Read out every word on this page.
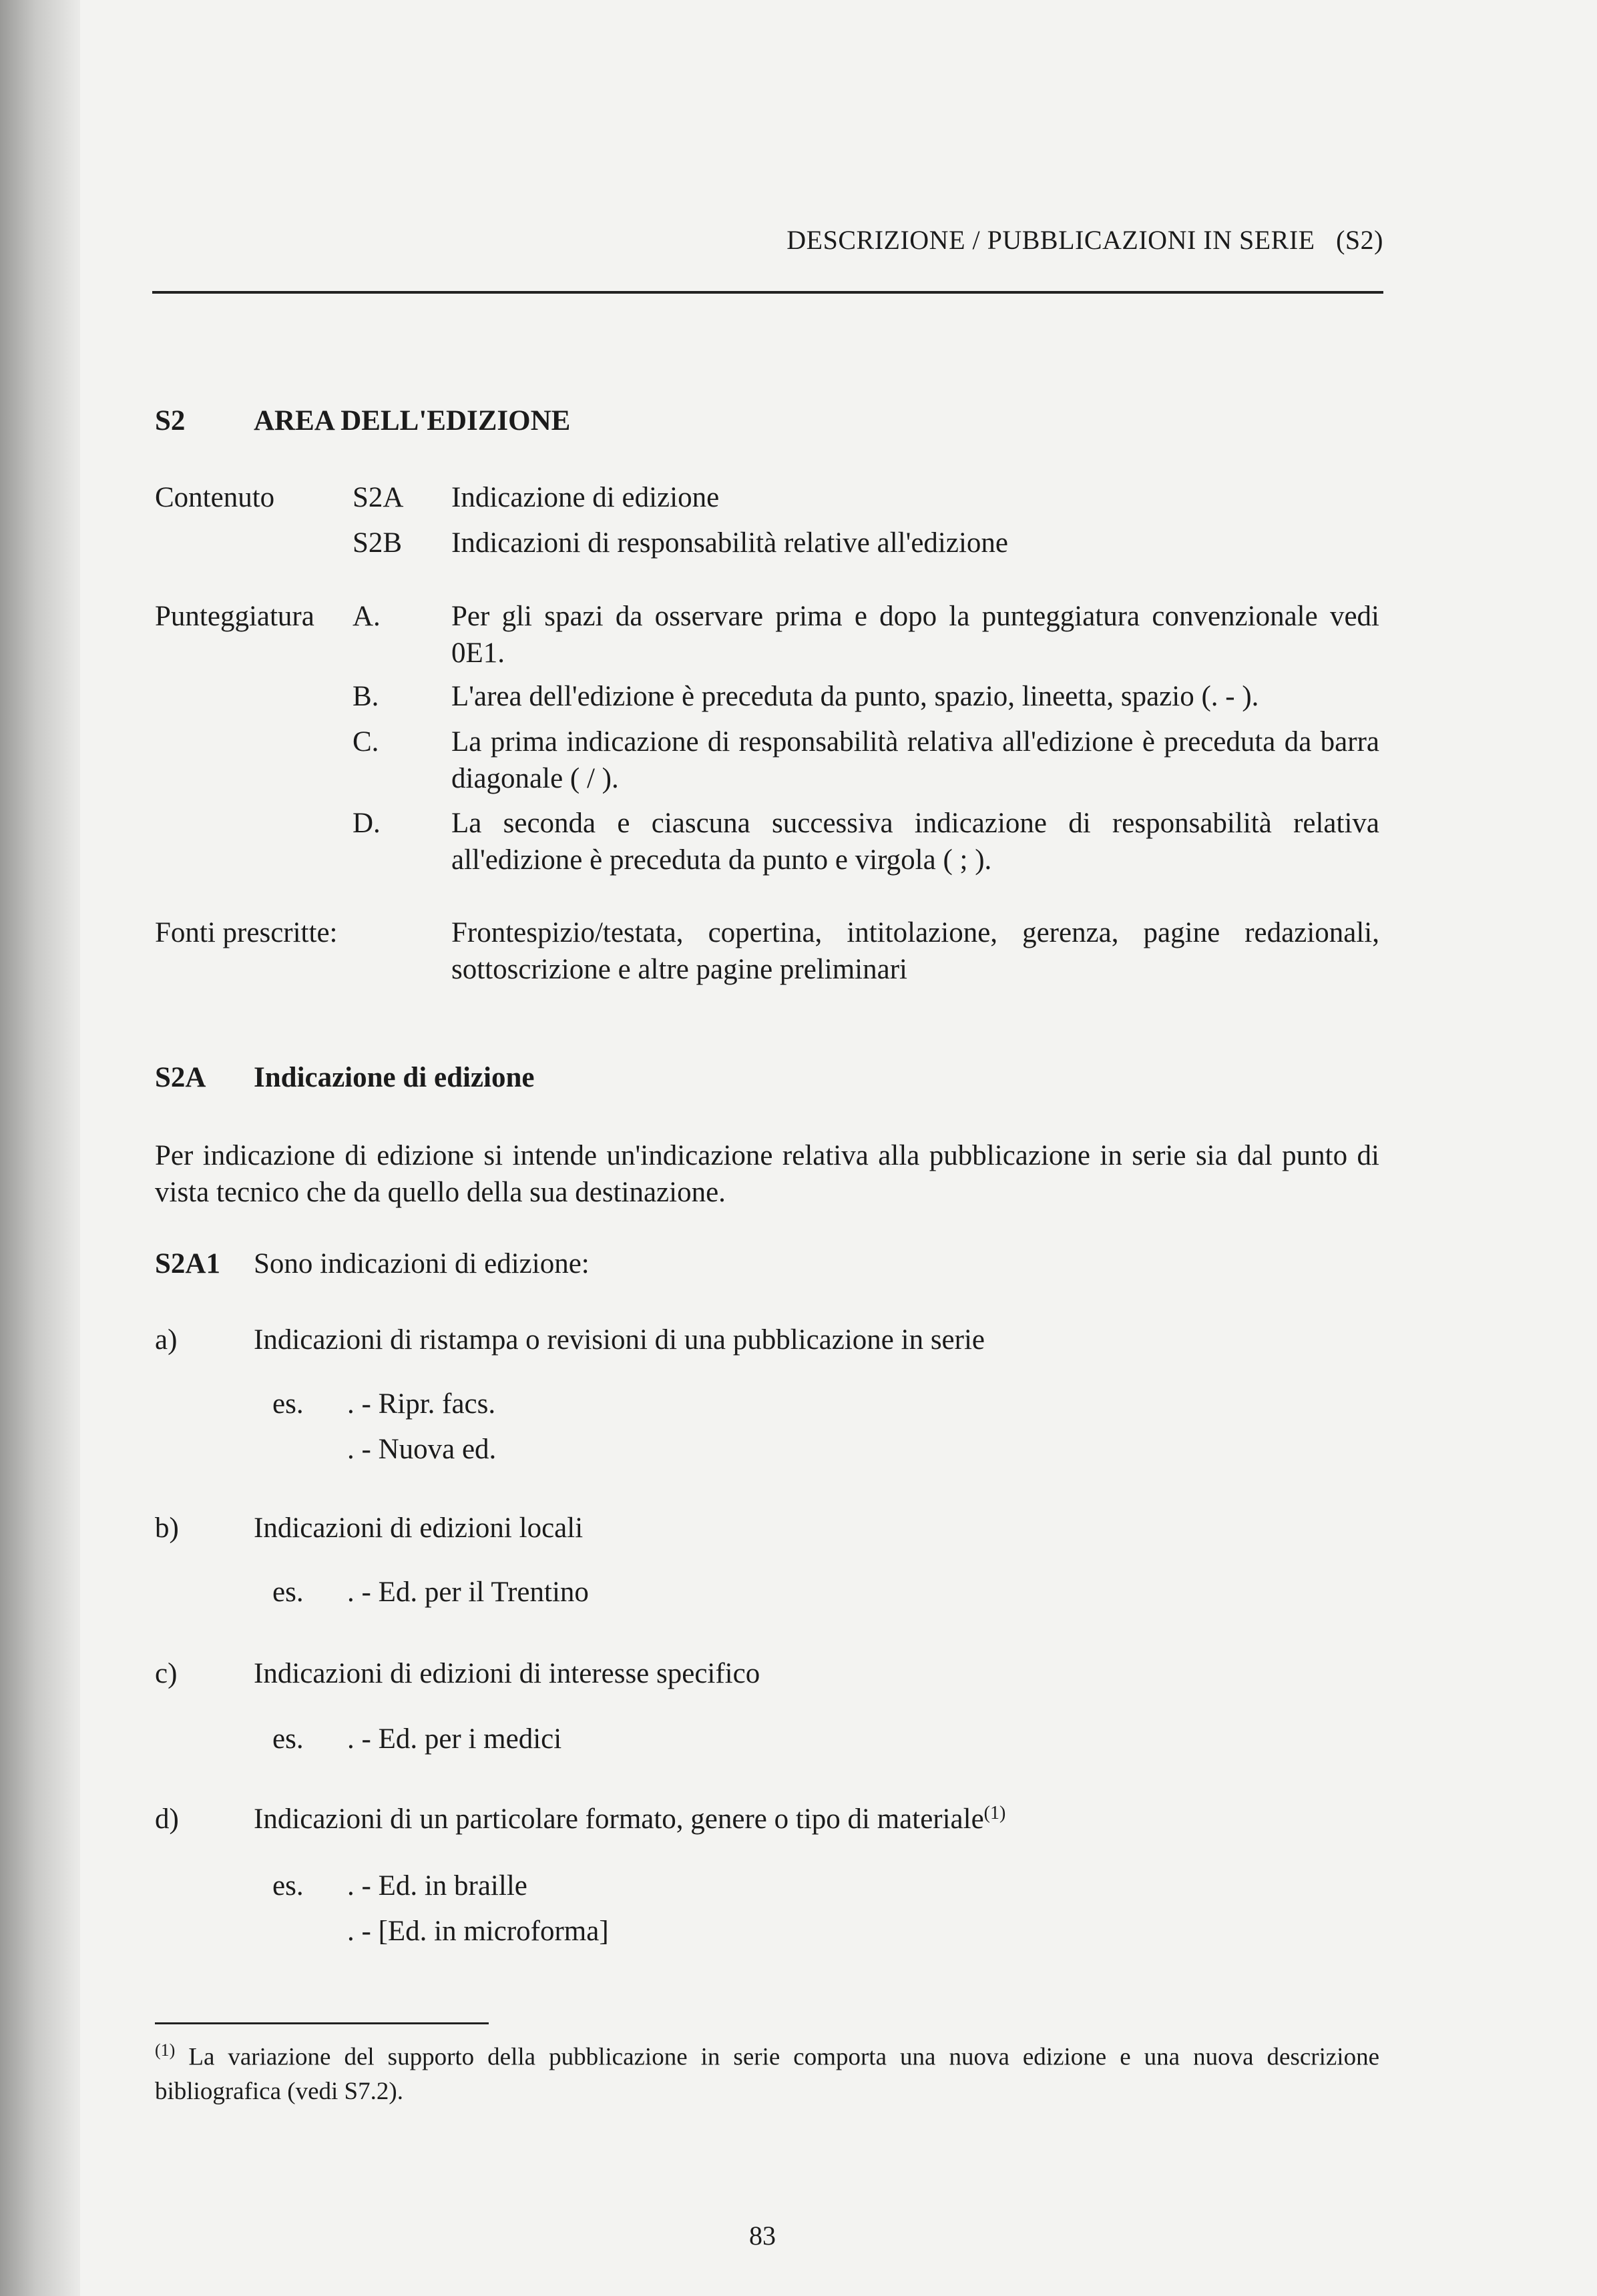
DESCRIZIONE / PUBBLICAZIONI IN SERIE (S2)
S2 AREA DELL'EDIZIONE
Contenuto	S2A Indicazione di edizione
S2B Indicazioni di responsabilità relative all'edizione
Punteggiatura A. Per gli spazi da osservare prima e dopo la punteggiatura convenzionale vedi 0E1.
B.	L'area dell'edizione è preceduta da punto, spazio, lineetta, spazio (. - ).
C.	La prima indicazione di responsabilità relativa all'edizione è preceduta da barra diagonale ( / ).
D. La seconda e ciascuna successiva indicazione di responsabilità relativa all'edizione è preceduta da punto e virgola ( ; ).
Fonti prescritte:	Frontespizio/testata, copertina, intitolazione, gerenza, pagine redazionali, sottoscrizione e altre pagine preliminari
S2A Indicazione di edizione
Per indicazione di edizione si intende un'indicazione relativa alla pubblicazione in serie sia dal punto di vista tecnico che da quello della sua destinazione.
S2A1 Sono indicazioni di edizione:
a)	Indicazioni di ristampa o revisioni di una pubblicazione in serie
es. . - Ripr. facs.
. - Nuova ed.
b)	Indicazioni di edizioni locali
es. . - Ed. per il Trentino
c)	Indicazioni di edizioni di interesse specifico
es. . - Ed. per i medici
d)	Indicazioni di un particolare formato, genere o tipo di materiale$^{(1)}$
es. . - Ed. in braille
. - [Ed. in microforma]
$^{(1)}$ La variazione del supporto della pubblicazione in serie comporta una nuova edizione e una nuova descrizione bibliografica (vedi S7.2).
83
